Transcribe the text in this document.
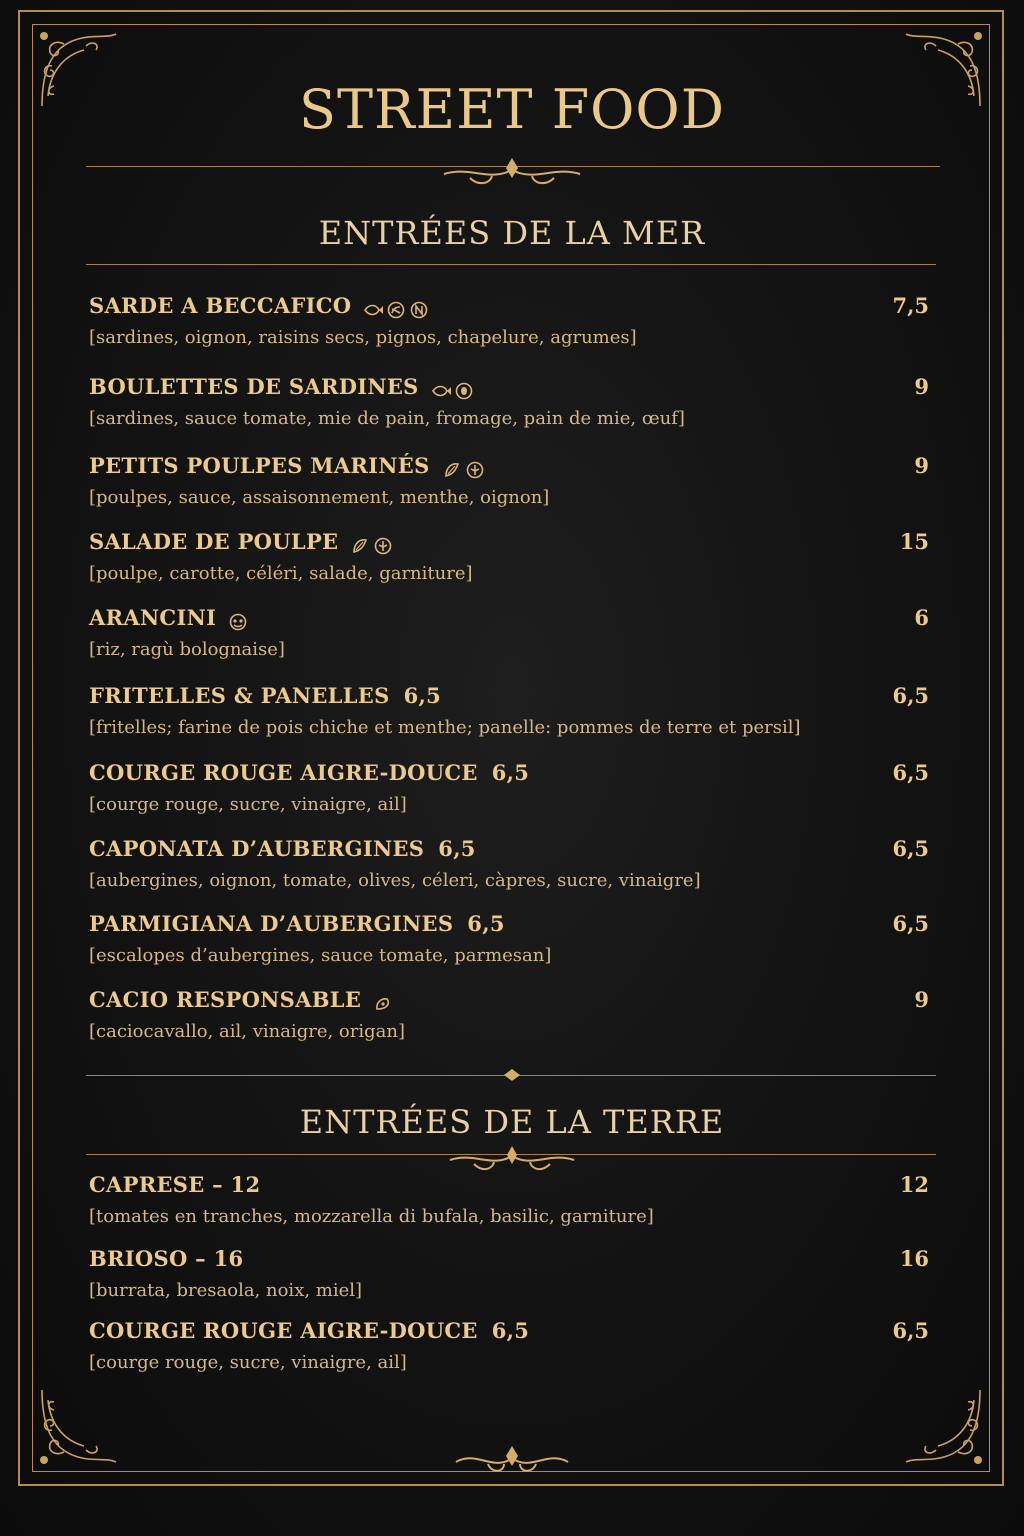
STREET FOOD
ENTRÉES DE LA MER
SARDE A BECCAFICO	7,5
[sardines, oignon, raisins secs, pignos, chapelure, agrumes]
BOULETTES DE SARDINES	9
[sardines, sauce tomate, mie de pain, fromage, pain de mie, œuf]
PETITS POULPES MARINÉS	9
[poulpes, sauce, assaisonnement, menthe, oignon]
SALADE DE POULPE	15
[poulpe, carotte, céléri, salade, garniture]
ARANCINI	6
[riz, ragù bolognaise]
FRITELLES & PANELLES 6,5	6,5
[fritelles; farine de pois chiche et menthe; panelle: pommes de terre et persil]
COURGE ROUGE AIGRE-DOUCE 6,5	6,5
[courge rouge, sucre, vinaigre, ail]
CAPONATA D’AUBERGINES 6,5	6,5
[aubergines, oignon, tomate, olives, céleri, càpres, sucre, vinaigre]
PARMIGIANA D’AUBERGINES 6,5	6,5
[escalopes d’aubergines, sauce tomate, parmesan]
CACIO RESPONSABLE	9
[caciocavallo, ail, vinaigre, origan]
ENTRÉES DE LA TERRE
CAPRESE – 12	12
[tomates en tranches, mozzarella di bufala, basilic, garniture]
BRIOSO – 16	16
[burrata, bresaola, noix, miel]
COURGE ROUGE AIGRE-DOUCE 6,5	6,5
[courge rouge, sucre, vinaigre, ail]
